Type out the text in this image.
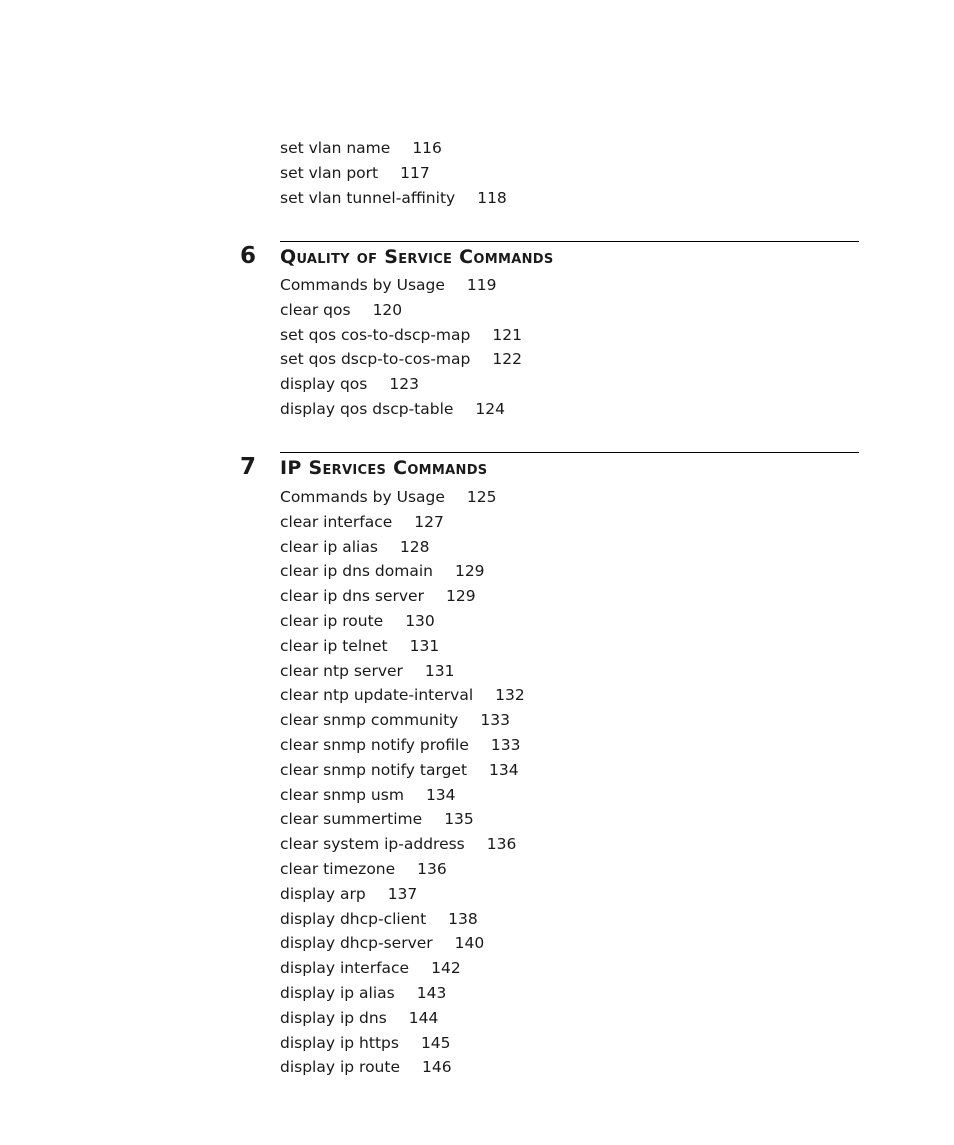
set vlan name 116
set vlan port 117
set vlan tunnel-affinity 118
6 Quality of Service Commands
Commands by Usage 119
clear qos 120
set qos cos-to-dscp-map 121
set qos dscp-to-cos-map 122
display qos 123
display qos dscp-table 124
7 IP Services Commands
Commands by Usage 125
clear interface 127
clear ip alias 128
clear ip dns domain 129
clear ip dns server 129
clear ip route 130
clear ip telnet 131
clear ntp server 131
clear ntp update-interval 132
clear snmp community 133
clear snmp notify profile 133
clear snmp notify target 134
clear snmp usm 134
clear summertime 135
clear system ip-address 136
clear timezone 136
display arp 137
display dhcp-client 138
display dhcp-server 140
display interface 142
display ip alias 143
display ip dns 144
display ip https 145
display ip route 146
